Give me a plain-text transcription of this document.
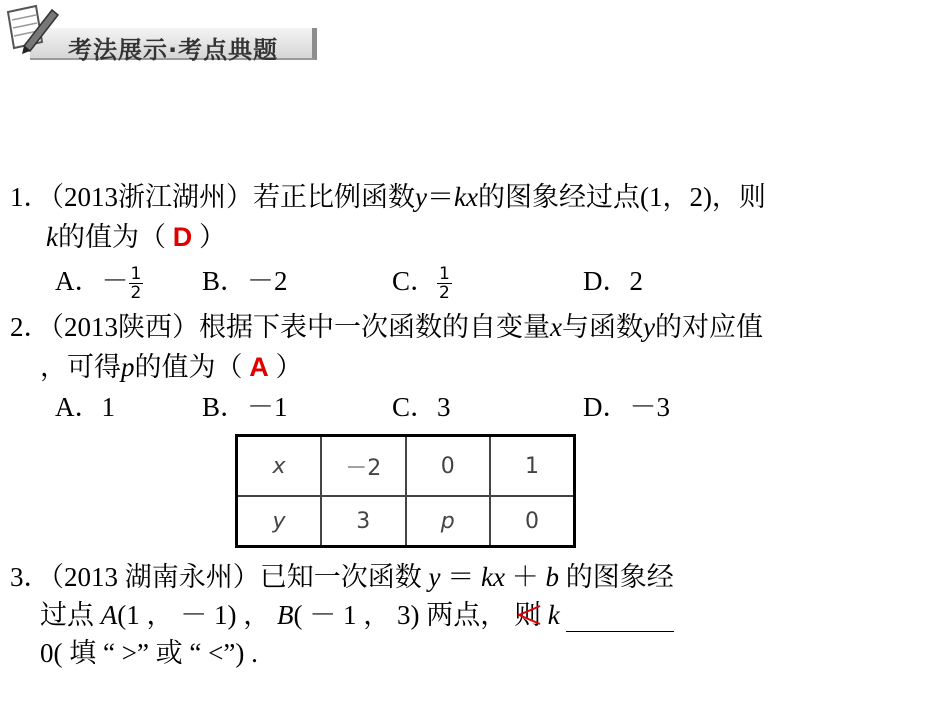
考法展示·考点典题
1．（2013浙江湖州）若正比例函数y＝kx的图象经过点(1，2)，则
k的值为（ D ）
A．－ $\frac{1}{2}$ B．－2	C． $\frac{1}{2}$	D．2
2．（2013陕西）根据下表中一次函数的自变量x与函数y的对应值
，可得p的值为（ A ）
A．1	B．－1	C．3	D．－3
x	－2	0	1
y	3	p	0
3．（2013 湖南永州）已知一次函数 y ＝ kx ＋ b 的图象经
过点 A(1 ， － 1) ， B( － 1 ， 3) 两点， 则 k
0( 填 “ >” 或 “ <”) .
